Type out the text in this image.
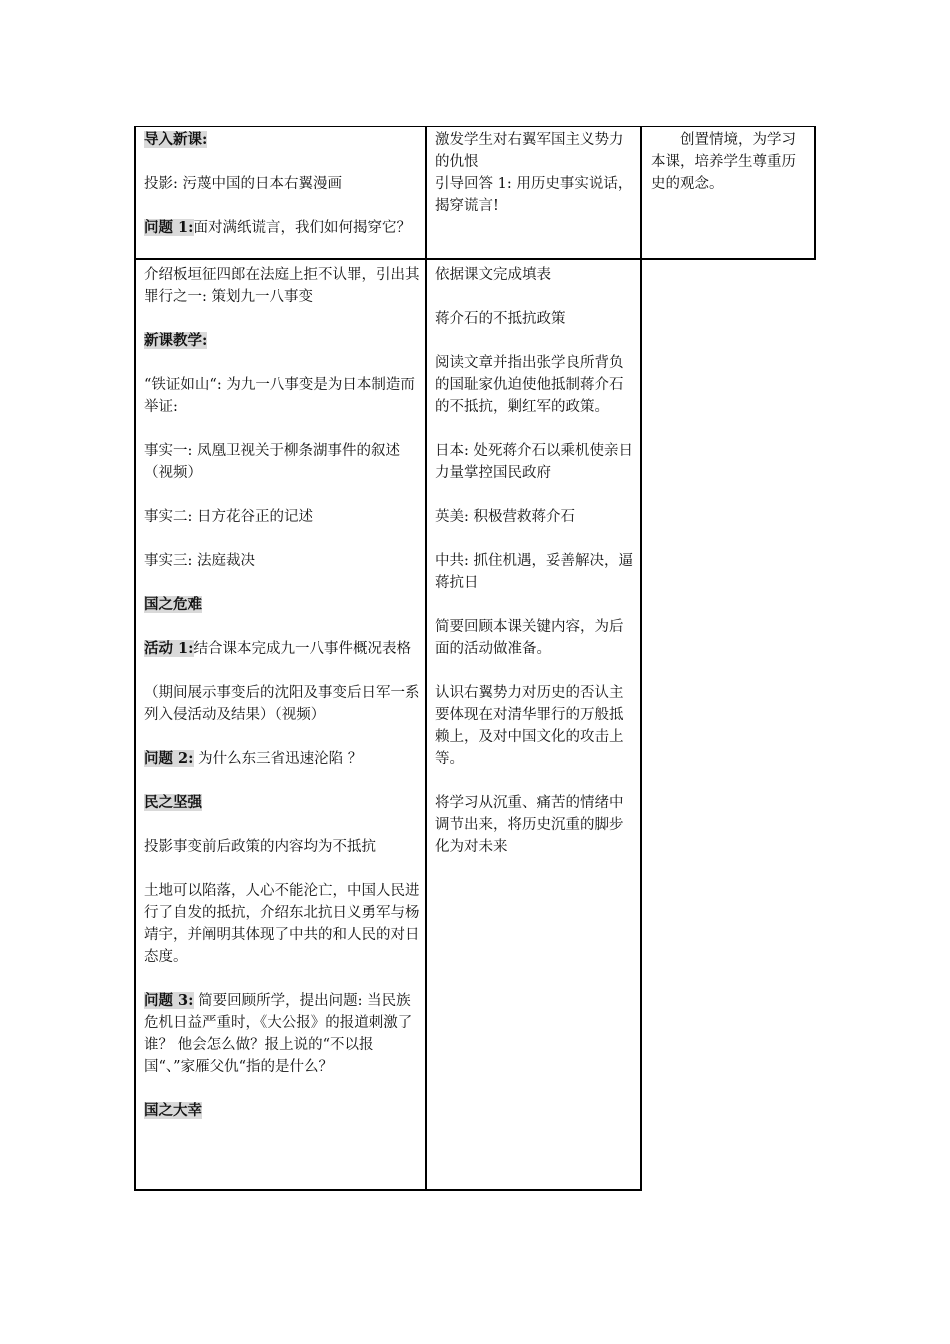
导入新课:

投影: 污蔑中国的日本右翼漫画

问题 1:面对满纸谎言，我们如何揭穿它？

激发学生对右翼军国主义势力的仇恨

引导回答 1: 用历史事实说话，揭穿谎言!

创置情境，为学习本课，培养学生尊重历史的观念。

介绍板垣征四郎在法庭上拒不认罪，引出其罪行之一: 策划九一八事变

新课教学:

“铁证如山“: 为九一八事变是为日本制造而举证:

事实一: 凤凰卫视关于柳条湖事件的叙述（视频）

事实二: 日方花谷正的记述

事实三: 法庭裁决

国之危难

活动 1:结合课本完成九一八事件概况表格

（期间展示事变后的沈阳及事变后日军一系列入侵活动及结果）（视频）

问题 2: 为什么东三省迅速沦陷 ？

民之坚强

投影事变前后政策的内容均为不抵抗

土地可以陷落，人心不能沦亡，中国人民进行了自发的抵抗，介绍东北抗日义勇军与杨靖宇，并阐明其体现了中共的和人民的对日态度。

问题 3: 简要回顾所学，提出问题: 当民族危机日益严重时，《大公报》的报道刺激了谁？ 他会怎么做？报上说的“不以报国“、”家雁父仇“指的是什么？

国之大幸

依据课文完成填表

蒋介石的不抵抗政策

阅读文章并指出张学良所背负的国耻家仇迫使他抵制蒋介石的不抵抗，剿红军的政策。

日本: 处死蒋介石以乘机使亲日力量掌控国民政府

英美: 积极营救蒋介石

中共: 抓住机遇，妥善解决，逼蒋抗日

简要回顾本课关键内容，为后面的活动做准备。

认识右翼势力对历史的否认主要体现在对清华罪行的万般抵赖上，及对中国文化的攻击上等。

将学习从沉重、痛苦的情绪中调节出来，将历史沉重的脚步化为对未来
